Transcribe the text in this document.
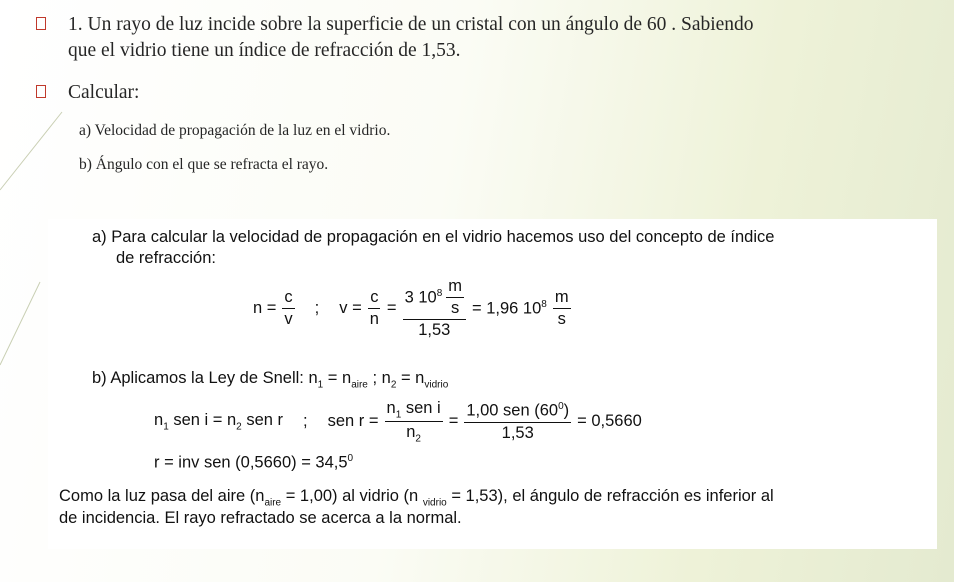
1. Un rayo de luz incide sobre la superficie de un cristal con un ángulo de 60 . Sabiendo
que el vidrio tiene un índice de refracción de 1,53.
Calcular:
a) Velocidad de propagación de la luz en el vidrio.
b) Ángulo con el que se refracta el rayo.
a) Para calcular la velocidad de propagación en el vidrio hacemos uso del concepto de índice
de refracción:
$n = \frac{c}{v}$ ; $v = \frac{c}{n} = \frac{3 10^8 \frac{m}{s}}{1,53} = 1,96$ $10^8 \frac{m}{s}$
b) Aplicamos la Ley de Snell: $n_1 = n_{aire}$ ; $n_2 = n_{vidrio}$
$n_1$ sen $i = n_2$ sen r ; sen $r = \frac{n_1 sen i}{n_2} = \frac{1,00 sen (60^0)}{1,53} = 0,5660$
r = inv sen $(0,5660) = 34,5^0$
Como la luz pasa del aire $(n_{aire} = 1,00)$ al vidrio (n $_{vidrio}$ = 1,53), el ángulo de refracción es inferior al
de incidencia. El rayo refractado se acerca a la normal.
